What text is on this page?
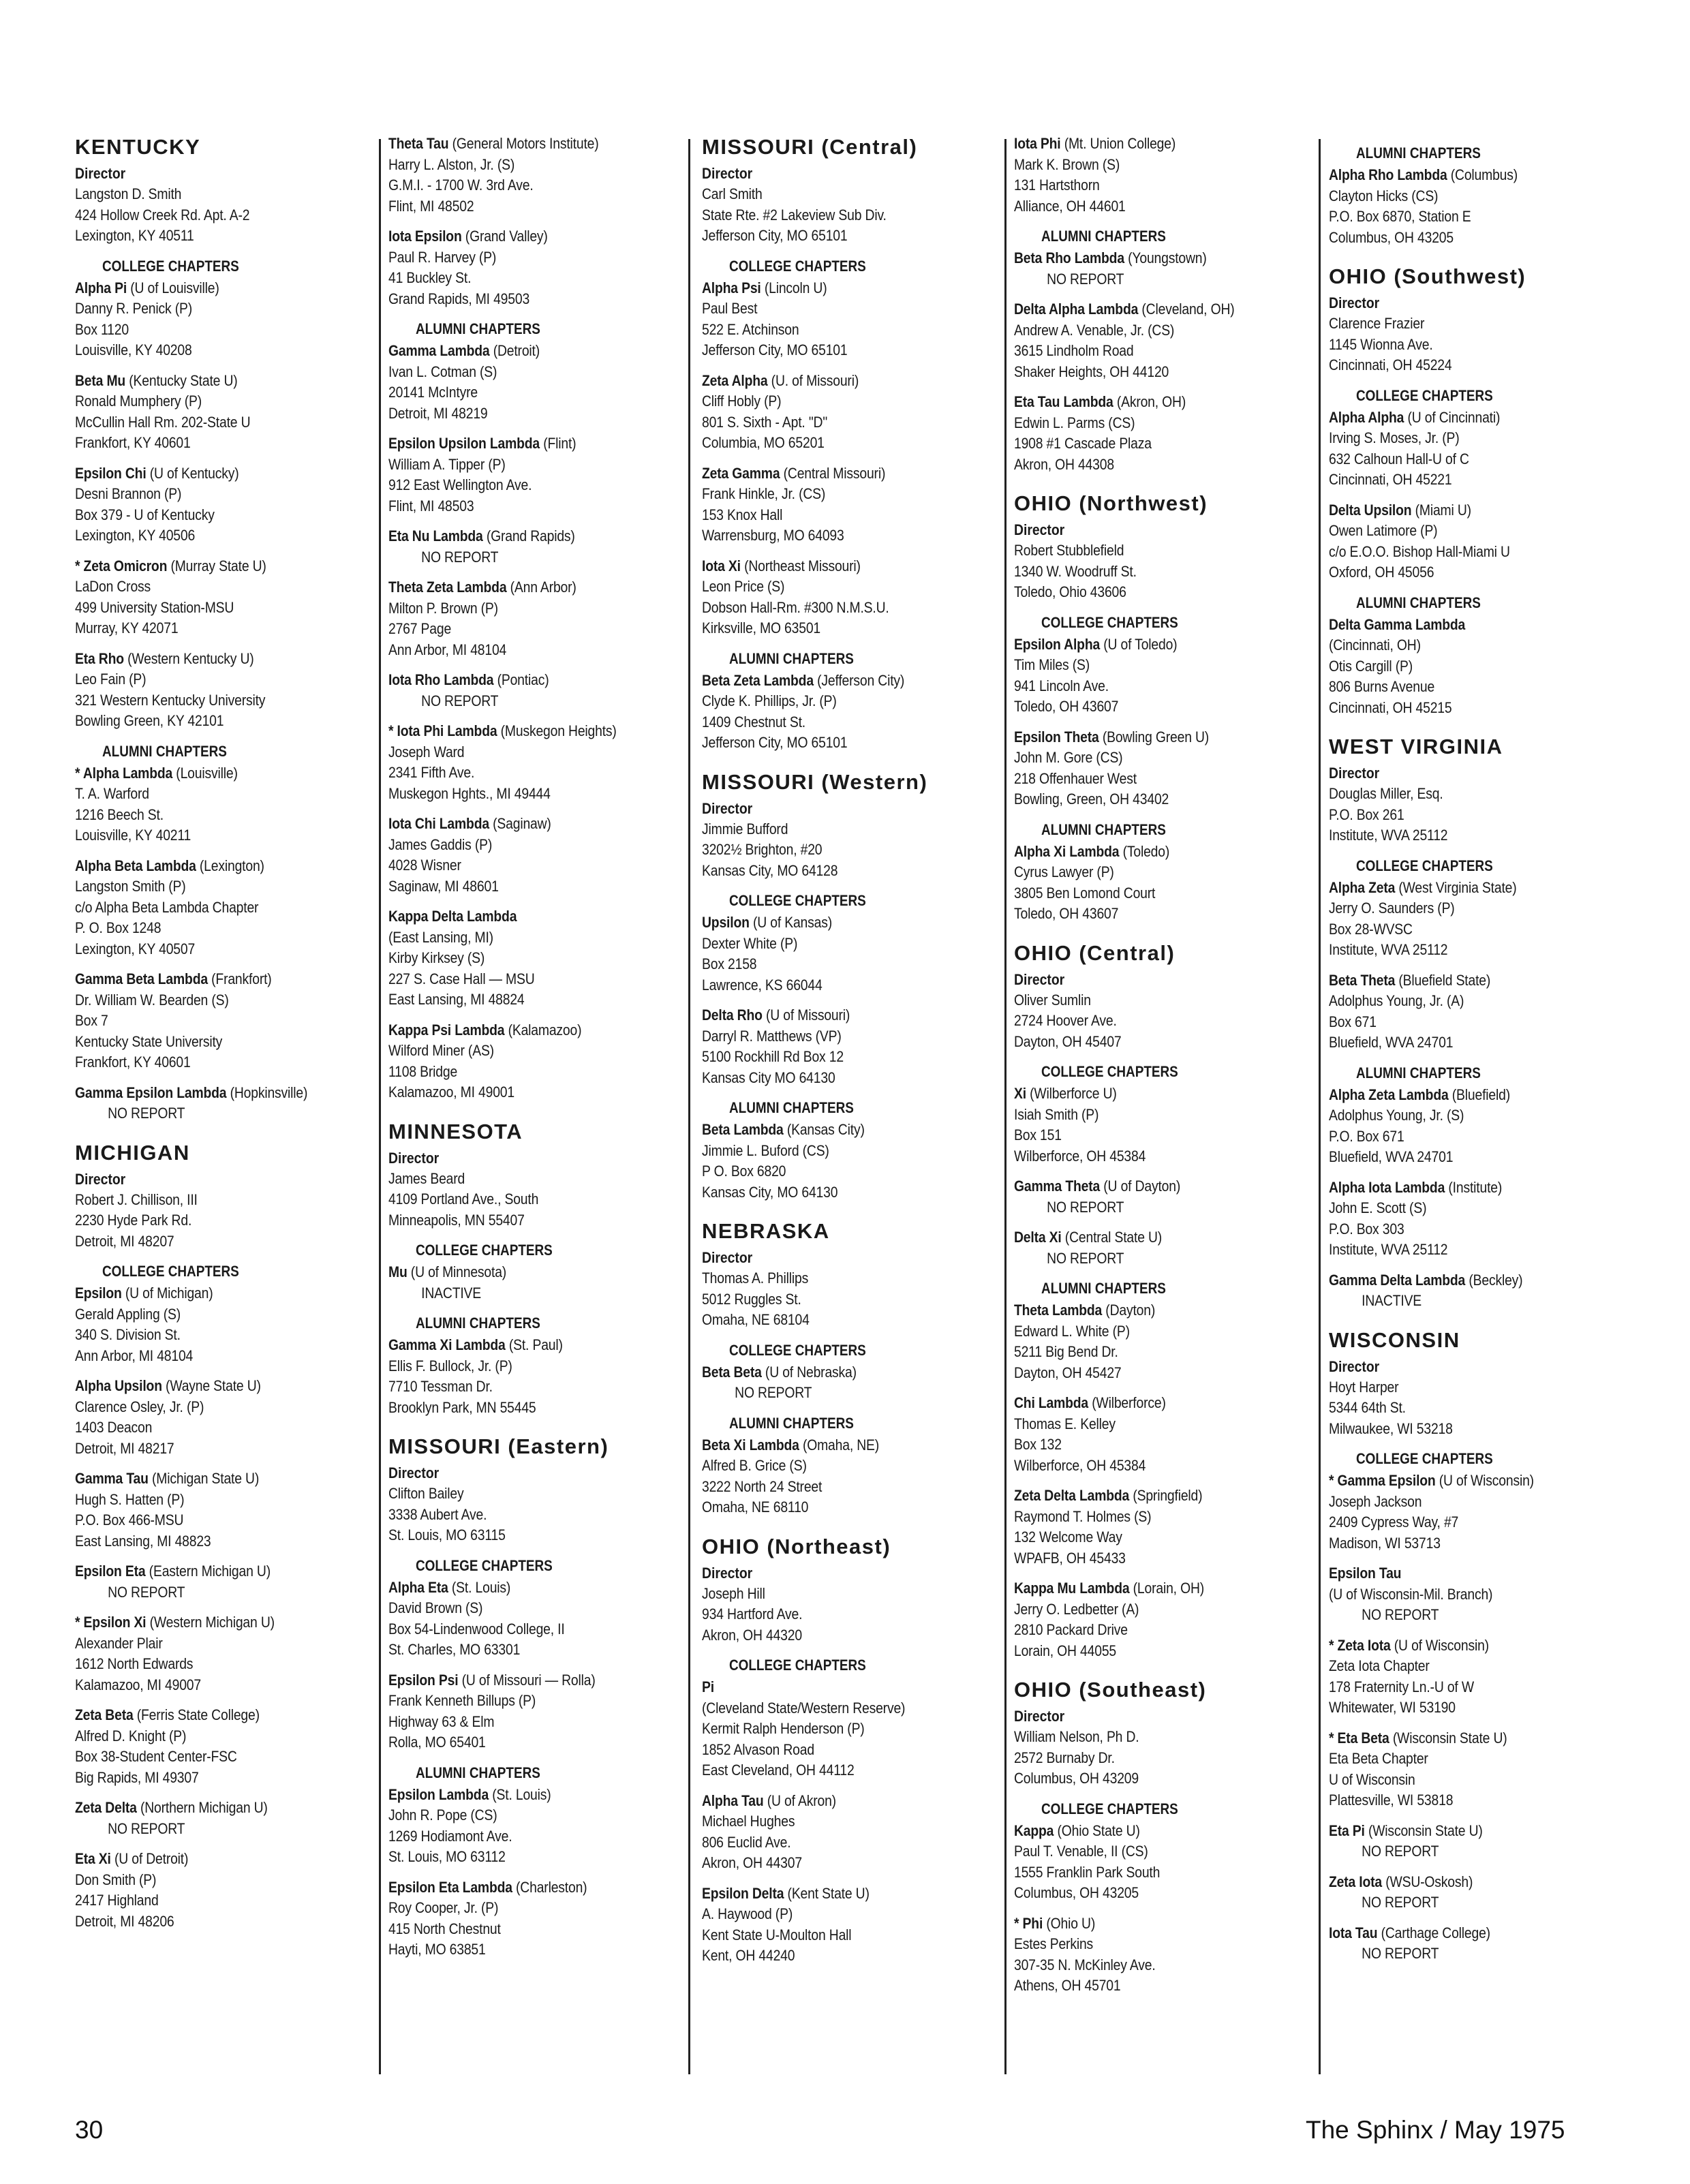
KENTUCKY
Director
Langston D. Smith
424 Hollow Creek Rd. Apt. A-2
Lexington, KY 40511
COLLEGE CHAPTERS
Alpha Pi (U of Louisville)
Danny R. Penick (P)
Box 1120
Louisville, KY 40208
Beta Mu (Kentucky State U)
Ronald Mumphery (P)
McCullin Hall Rm. 202-State U
Frankfort, KY 40601
Epsilon Chi (U of Kentucky)
Desni Brannon (P)
Box 379 - U of Kentucky
Lexington, KY 40506
* Zeta Omicron (Murray State U)
LaDon Cross
499 University Station-MSU
Murray, KY 42071
Eta Rho (Western Kentucky U)
Leo Fain (P)
321 Western Kentucky University
Bowling Green, KY 42101
ALUMNI CHAPTERS
* Alpha Lambda (Louisville)
T. A. Warford
1216 Beech St.
Louisville, KY 40211
Alpha Beta Lambda (Lexington)
Langston Smith (P)
c/o Alpha Beta Lambda Chapter
P. O. Box 1248
Lexington, KY 40507
Gamma Beta Lambda (Frankfort)
Dr. William W. Bearden (S)
Box 7
Kentucky State University
Frankfort, KY 40601
Gamma Epsilon Lambda (Hopkinsville)
NO REPORT
MICHIGAN
Director
Robert J. Chillison, III
2230 Hyde Park Rd.
Detroit, MI 48207
COLLEGE CHAPTERS
Epsilon (U of Michigan)
Gerald Appling (S)
340 S. Division St.
Ann Arbor, MI 48104
Alpha Upsilon (Wayne State U)
Clarence Osley, Jr. (P)
1403 Deacon
Detroit, MI 48217
Gamma Tau (Michigan State U)
Hugh S. Hatten (P)
P.O. Box 466-MSU
East Lansing, MI 48823
Epsilon Eta (Eastern Michigan U)
NO REPORT
* Epsilon Xi (Western Michigan U)
Alexander Plair
1612 North Edwards
Kalamazoo, MI 49007
Zeta Beta (Ferris State College)
Alfred D. Knight (P)
Box 38-Student Center-FSC
Big Rapids, MI 49307
Zeta Delta (Northern Michigan U)
NO REPORT
Eta Xi (U of Detroit)
Don Smith (P)
2417 Highland
Detroit, MI 48206
Theta Tau (General Motors Institute)
Harry L. Alston, Jr. (S)
G.M.I. - 1700 W. 3rd Ave.
Flint, MI 48502
Iota Epsilon (Grand Valley)
Paul R. Harvey (P)
41 Buckley St.
Grand Rapids, MI 49503
ALUMNI CHAPTERS
Gamma Lambda (Detroit)
Ivan L. Cotman (S)
20141 McIntyre
Detroit, MI 48219
Epsilon Upsilon Lambda (Flint)
William A. Tipper (P)
912 East Wellington Ave.
Flint, MI 48503
Eta Nu Lambda (Grand Rapids)
NO REPORT
Theta Zeta Lambda (Ann Arbor)
Milton P. Brown (P)
2767 Page
Ann Arbor, MI 48104
Iota Rho Lambda (Pontiac)
NO REPORT
* Iota Phi Lambda (Muskegon Heights)
Joseph Ward
2341 Fifth Ave.
Muskegon Hghts., MI 49444
Iota Chi Lambda (Saginaw)
James Gaddis (P)
4028 Wisner
Saginaw, MI 48601
Kappa Delta Lambda
(East Lansing, MI)
Kirby Kirksey (S)
227 S. Case Hall — MSU
East Lansing, MI 48824
Kappa Psi Lambda (Kalamazoo)
Wilford Miner (AS)
1108 Bridge
Kalamazoo, MI 49001
MINNESOTA
Director
James Beard
4109 Portland Ave., South
Minneapolis, MN 55407
COLLEGE CHAPTERS
Mu (U of Minnesota)
INACTIVE
ALUMNI CHAPTERS
Gamma Xi Lambda (St. Paul)
Ellis F. Bullock, Jr. (P)
7710 Tessman Dr.
Brooklyn Park, MN 55445
MISSOURI (Eastern)
Director
Clifton Bailey
3338 Aubert Ave.
St. Louis, MO 63115
COLLEGE CHAPTERS
Alpha Eta (St. Louis)
David Brown (S)
Box 54-Lindenwood College, II
St. Charles, MO 63301
Epsilon Psi (U of Missouri — Rolla)
Frank Kenneth Billups (P)
Highway 63 & Elm
Rolla, MO 65401
ALUMNI CHAPTERS
Epsilon Lambda (St. Louis)
John R. Pope (CS)
1269 Hodiamont Ave.
St. Louis, MO 63112
Epsilon Eta Lambda (Charleston)
Roy Cooper, Jr. (P)
415 North Chestnut
Hayti, MO 63851
MISSOURI (Central)
Director
Carl Smith
State Rte. #2 Lakeview Sub Div.
Jefferson City, MO 65101
COLLEGE CHAPTERS
Alpha Psi (Lincoln U)
Paul Best
522 E. Atchinson
Jefferson City, MO 65101
Zeta Alpha (U. of Missouri)
Cliff Hobly (P)
801 S. Sixth - Apt. "D"
Columbia, MO 65201
Zeta Gamma (Central Missouri)
Frank Hinkle, Jr. (CS)
153 Knox Hall
Warrensburg, MO 64093
Iota Xi (Northeast Missouri)
Leon Price (S)
Dobson Hall-Rm. #300 N.M.S.U.
Kirksville, MO 63501
ALUMNI CHAPTERS
Beta Zeta Lambda (Jefferson City)
Clyde K. Phillips, Jr. (P)
1409 Chestnut St.
Jefferson City, MO 65101
MISSOURI (Western)
Director
Jimmie Bufford
3202½ Brighton, #20
Kansas City, MO 64128
COLLEGE CHAPTERS
Upsilon (U of Kansas)
Dexter White (P)
Box 2158
Lawrence, KS 66044
Delta Rho (U of Missouri)
Darryl R. Matthews (VP)
5100 Rockhill Rd Box 12
Kansas City MO 64130
ALUMNI CHAPTERS
Beta Lambda (Kansas City)
Jimmie L. Buford (CS)
P O. Box 6820
Kansas City, MO 64130
NEBRASKA
Director
Thomas A. Phillips
5012 Ruggles St.
Omaha, NE 68104
COLLEGE CHAPTERS
Beta Beta (U of Nebraska)
NO REPORT
ALUMNI CHAPTERS
Beta Xi Lambda (Omaha, NE)
Alfred B. Grice (S)
3222 North 24 Street
Omaha, NE 68110
OHIO (Northeast)
Director
Joseph Hill
934 Hartford Ave.
Akron, OH 44320
COLLEGE CHAPTERS
Pi
(Cleveland State/Western Reserve)
Kermit Ralph Henderson (P)
1852 Alvason Road
East Cleveland, OH 44112
Alpha Tau (U of Akron)
Michael Hughes
806 Euclid Ave.
Akron, OH 44307
Epsilon Delta (Kent State U)
A. Haywood (P)
Kent State U-Moulton Hall
Kent, OH 44240
Iota Phi (Mt. Union College)
Mark K. Brown (S)
131 Hartsthorn
Alliance, OH 44601
ALUMNI CHAPTERS
Beta Rho Lambda (Youngstown)
NO REPORT
Delta Alpha Lambda (Cleveland, OH)
Andrew A. Venable, Jr. (CS)
3615 Lindholm Road
Shaker Heights, OH 44120
Eta Tau Lambda (Akron, OH)
Edwin L. Parms (CS)
1908 #1 Cascade Plaza
Akron, OH 44308
OHIO (Northwest)
Director
Robert Stubblefield
1340 W. Woodruff St.
Toledo, Ohio 43606
COLLEGE CHAPTERS
Epsilon Alpha (U of Toledo)
Tim Miles (S)
941 Lincoln Ave.
Toledo, OH 43607
Epsilon Theta (Bowling Green U)
John M. Gore (CS)
218 Offenhauer West
Bowling, Green, OH 43402
ALUMNI CHAPTERS
Alpha Xi Lambda (Toledo)
Cyrus Lawyer (P)
3805 Ben Lomond Court
Toledo, OH 43607
OHIO (Central)
Director
Oliver Sumlin
2724 Hoover Ave.
Dayton, OH 45407
COLLEGE CHAPTERS
Xi (Wilberforce U)
Isiah Smith (P)
Box 151
Wilberforce, OH 45384
Gamma Theta (U of Dayton)
NO REPORT
Delta Xi (Central State U)
NO REPORT
ALUMNI CHAPTERS
Theta Lambda (Dayton)
Edward L. White (P)
5211 Big Bend Dr.
Dayton, OH 45427
Chi Lambda (Wilberforce)
Thomas E. Kelley
Box 132
Wilberforce, OH 45384
Zeta Delta Lambda (Springfield)
Raymond T. Holmes (S)
132 Welcome Way
WPAFB, OH 45433
Kappa Mu Lambda (Lorain, OH)
Jerry O. Ledbetter (A)
2810 Packard Drive
Lorain, OH 44055
OHIO (Southeast)
Director
William Nelson, Ph D.
2572 Burnaby Dr.
Columbus, OH 43209
COLLEGE CHAPTERS
Kappa (Ohio State U)
Paul T. Venable, II (CS)
1555 Franklin Park South
Columbus, OH 43205
* Phi (Ohio U)
Estes Perkins
307-35 N. McKinley Ave.
Athens, OH 45701
ALUMNI CHAPTERS
Alpha Rho Lambda (Columbus)
Clayton Hicks (CS)
P.O. Box 6870, Station E
Columbus, OH 43205
OHIO (Southwest)
Director
Clarence Frazier
1145 Wionna Ave.
Cincinnati, OH 45224
COLLEGE CHAPTERS
Alpha Alpha (U of Cincinnati)
Irving S. Moses, Jr. (P)
632 Calhoun Hall-U of C
Cincinnati, OH 45221
Delta Upsilon (Miami U)
Owen Latimore (P)
c/o E.O.O. Bishop Hall-Miami U
Oxford, OH 45056
ALUMNI CHAPTERS
Delta Gamma Lambda
(Cincinnati, OH)
Otis Cargill (P)
806 Burns Avenue
Cincinnati, OH 45215
WEST VIRGINIA
Director
Douglas Miller, Esq.
P.O. Box 261
Institute, WVA 25112
COLLEGE CHAPTERS
Alpha Zeta (West Virginia State)
Jerry O. Saunders (P)
Box 28-WVSC
Institute, WVA 25112
Beta Theta (Bluefield State)
Adolphus Young, Jr. (A)
Box 671
Bluefield, WVA 24701
ALUMNI CHAPTERS
Alpha Zeta Lambda (Bluefield)
Adolphus Young, Jr. (S)
P.O. Box 671
Bluefield, WVA 24701
Alpha Iota Lambda (Institute)
John E. Scott (S)
P.O. Box 303
Institute, WVA 25112
Gamma Delta Lambda (Beckley)
INACTIVE
WISCONSIN
Director
Hoyt Harper
5344 64th St.
Milwaukee, WI 53218
COLLEGE CHAPTERS
* Gamma Epsilon (U of Wisconsin)
Joseph Jackson
2409 Cypress Way, #7
Madison, WI 53713
Epsilon Tau
(U of Wisconsin-Mil. Branch)
NO REPORT
* Zeta Iota (U of Wisconsin)
Zeta Iota Chapter
178 Fraternity Ln.-U of W
Whitewater, WI 53190
* Eta Beta (Wisconsin State U)
Eta Beta Chapter
U of Wisconsin
Plattesville, WI 53818
Eta Pi (Wisconsin State U)
NO REPORT
Zeta Iota (WSU-Oskosh)
NO REPORT
Iota Tau (Carthage College)
NO REPORT
30	The Sphinx / May 1975
